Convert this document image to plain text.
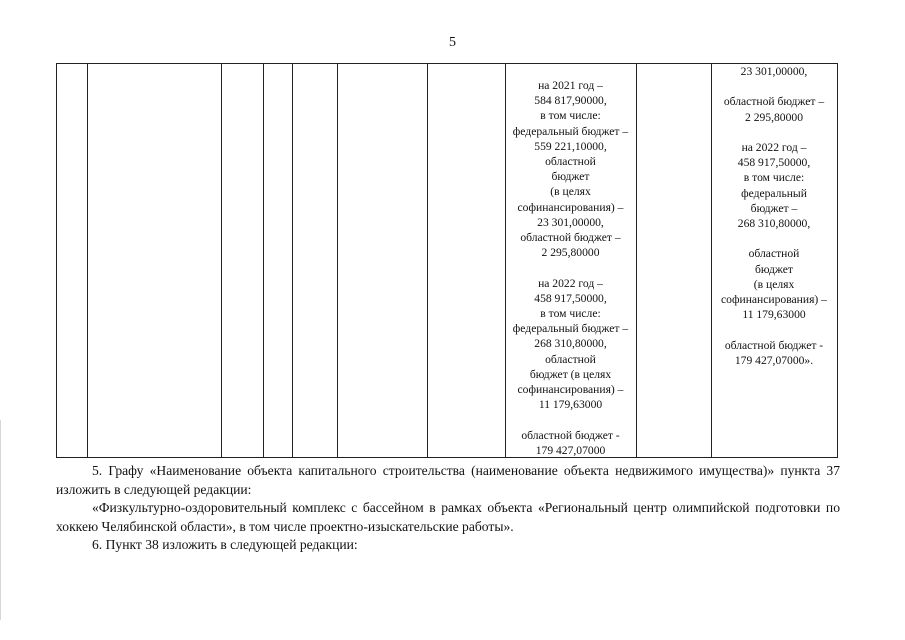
5

на 2021 год –
584 817,90000,
в том числе:
федеральный бюджет –
559 221,10000,
областной
бюджет
(в целях
софинансирования) –
23 301,00000,
областной бюджет –
2 295,80000

на 2022 год –
458 917,50000,
в том числе:
федеральный бюджет –
268 310,80000,
областной
бюджет (в целях
софинансирования) –
11 179,63000

областной бюджет -
179 427,07000

23 301,00000,

областной бюджет –
2 295,80000

на 2022 год –
458 917,50000,
в том числе:
федеральный
бюджет –
268 310,80000,

областной
бюджет
(в целях
софинансирования) –
11 179,63000

областной бюджет -
179 427,07000».

5. Графу «Наименование объекта капитального строительства (наименование объекта недвижимого имущества)» пункта 37 изложить в следующей редакции:

«Физкультурно-оздоровительный комплекс с бассейном в рамках объекта «Региональный центр олимпийской подготовки по хоккею Челябинской области», в том числе проектно-изыскательские работы».

6. Пункт 38 изложить в следующей редакции:
